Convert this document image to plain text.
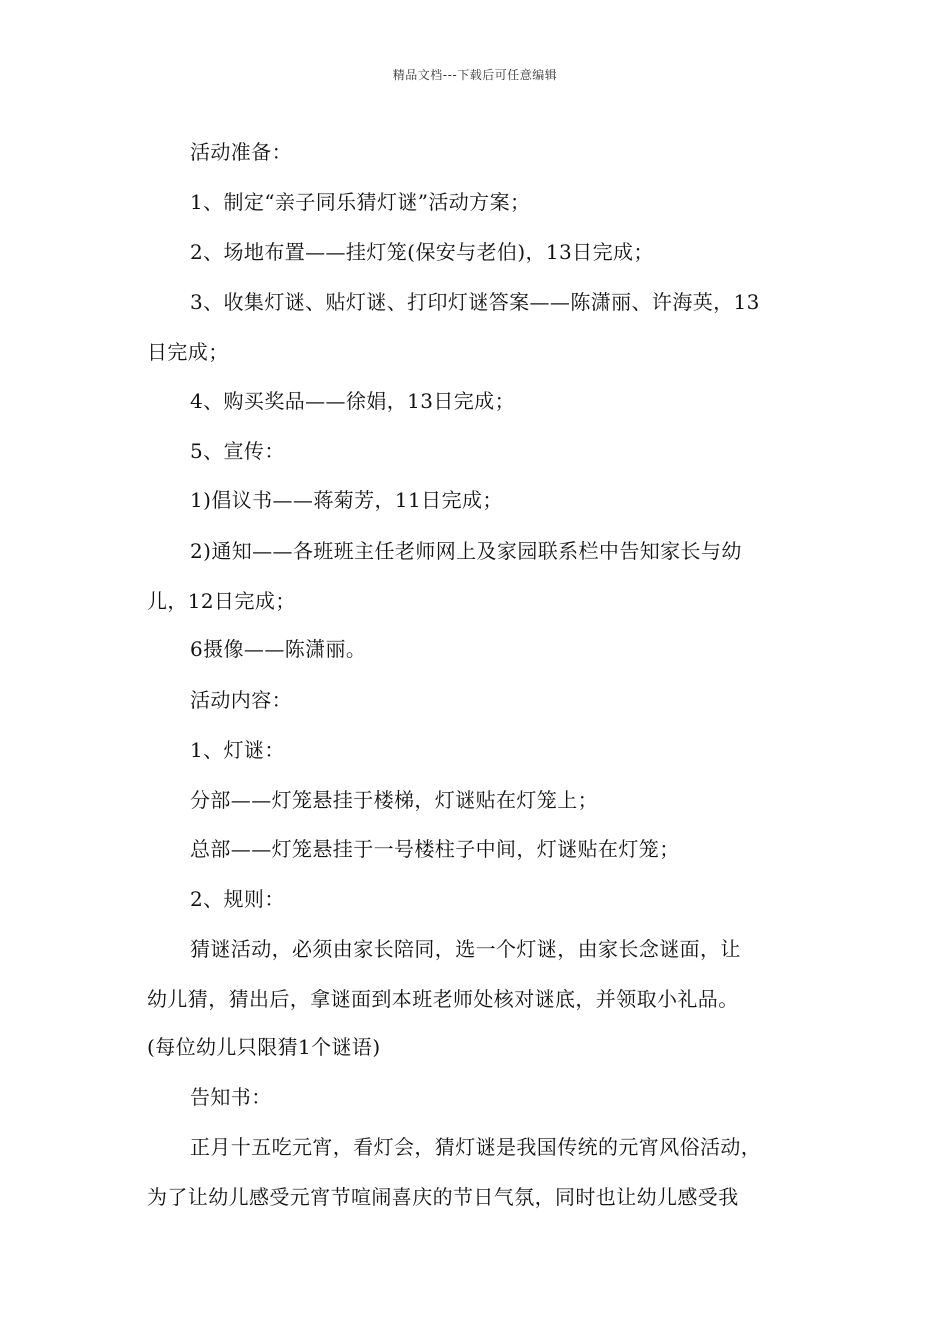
精品文档---下载后可任意编辑
活动准备：
1、制定“亲子同乐猜灯谜”活动方案；
2、场地布置——挂灯笼(保安与老伯)，13日完成；
3、收集灯谜、贴灯谜、打印灯谜答案——陈潇丽、许海英，13
日完成；
4、购买奖品——徐娟，13日完成；
5、宣传：
1)倡议书——蒋菊芳，11日完成；
2)通知——各班班主任老师网上及家园联系栏中告知家长与幼
儿，12日完成；
6摄像——陈潇丽。
活动内容：
1、灯谜：
分部——灯笼悬挂于楼梯，灯谜贴在灯笼上；
总部——灯笼悬挂于一号楼柱子中间，灯谜贴在灯笼；
2、规则：
猜谜活动，必须由家长陪同，选一个灯谜，由家长念谜面，让
幼儿猜，猜出后，拿谜面到本班老师处核对谜底，并领取小礼品。
(每位幼儿只限猜1个谜语)
告知书：
正月十五吃元宵，看灯会，猜灯谜是我国传统的元宵风俗活动，
为了让幼儿感受元宵节喧闹喜庆的节日气氛，同时也让幼儿感受我
